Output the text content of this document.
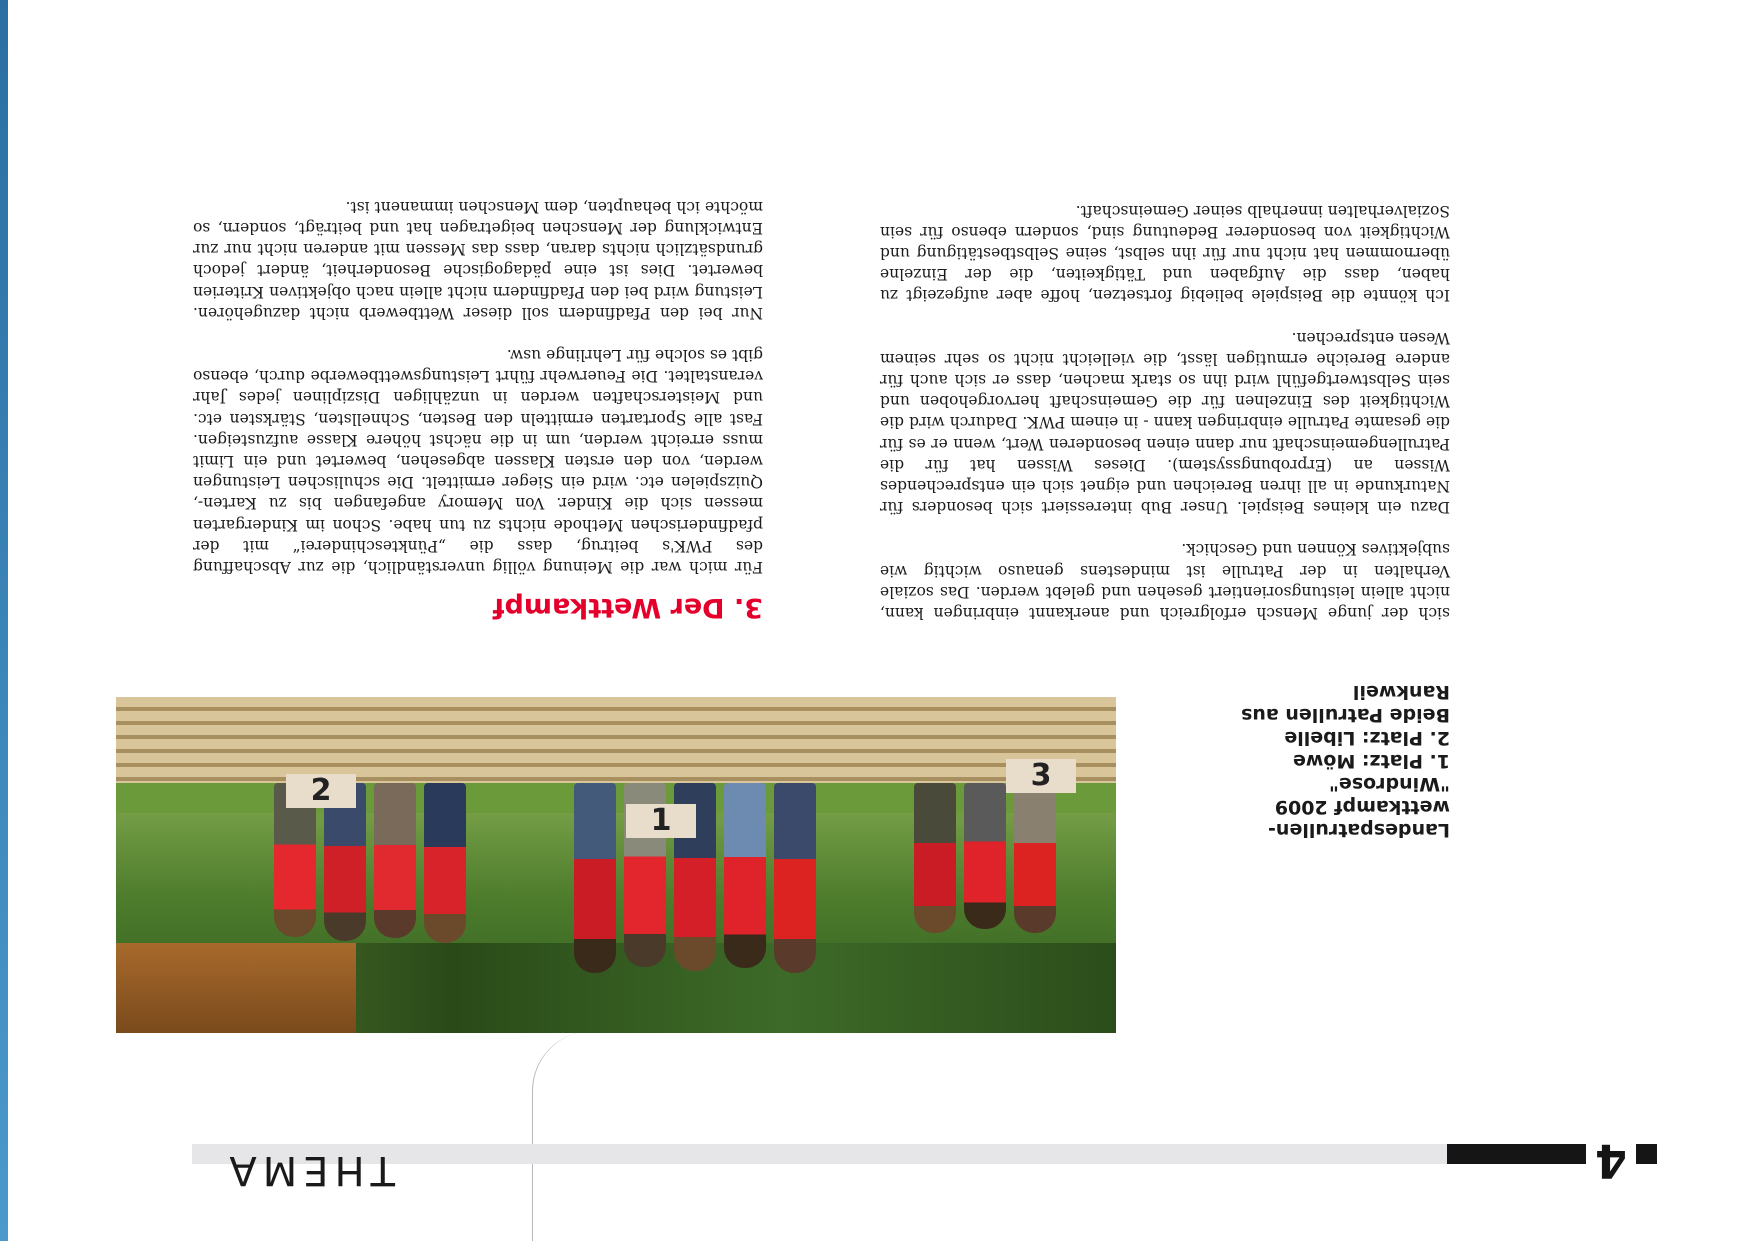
4
THEMA
1
2	3
Landespatrullen-
wettkampf 2009
"Windrose"
1. Platz: Möwe
2. Platz: Libelle
Beide Patrullen aus
Rankweil

sich der junge Mensch erfolgreich und anerkannt einbringen kann, nicht allein leistungsorientiert gesehen und gelebt werden. Das soziale Verhalten in der Patrulle ist mindestens genauso wichtig wie subjektives Können und Geschick.

Dazu ein kleines Beispiel. Unser Bub interessiert sich besonders für Naturkunde in all ihren Bereichen und eignet sich ein entsprechendes Wissen an (Erprobungssystem). Dieses Wissen hat für die Patrullengemeinschaft nur dann einen besonderen Wert, wenn er es für die gesamte Patrulle einbringen kann - in einem PWK. Dadurch wird die Wichtigkeit des Einzelnen für die Gemeinschaft hervorgehoben und sein Selbstwertgefühl wird ihn so stark machen, dass er sich auch für andere Bereiche ermutigen lässt, die vielleicht nicht so sehr seinem Wesen entsprechen.

Ich könnte die Beispiele beliebig fortsetzen, hoffe aber aufgezeigt zu haben, dass die Aufgaben und Tätigkeiten, die der Einzelne übernommen hat nicht nur für ihn selbst, seine Selbstbestätigung und Wichtigkeit von besonderer Bedeutung sind, sondern ebenso für sein Sozialverhalten innerhalb seiner Gemeinschaft.

3. Der Wettkampf

Für mich war die Meinung völlig unverständlich, die zur Abschaffung des PWK's beitrug, dass die „Pünkteschinderei“ mit der pfadfinderischen Methode nichts zu tun habe. Schon im Kindergarten messen sich die Kinder. Von Memory angefangen bis zu Karten-, Quizspielen etc. wird ein Sieger ermittelt. Die schulischen Leistungen werden, von den ersten Klassen abgesehen, bewertet und ein Limit muss erreicht werden, um in die nächst höhere Klasse aufzusteigen. Fast alle Sportarten ermitteln den Besten, Schnellsten, Stärksten etc. und Meisterschaften werden in unzähligen Disziplinen jedes Jahr veranstaltet. Die Feuerwehr führt Leistungswettbewerbe durch, ebenso gibt es solche für Lehrlinge usw.

Nur bei den Pfadfindern soll dieser Wettbewerb nicht dazugehören. Leistung wird bei den Pfadfindern nicht allein nach objektiven Kriterien bewertet. Dies ist eine pädagogische Besonderheit, ändert jedoch grundsätzlich nichts daran, dass das Messen mit anderen nicht nur zur Entwicklung der Menschen beigetragen hat und beiträgt, sondern, so möchte ich behaupten, dem Menschen immanent ist.
